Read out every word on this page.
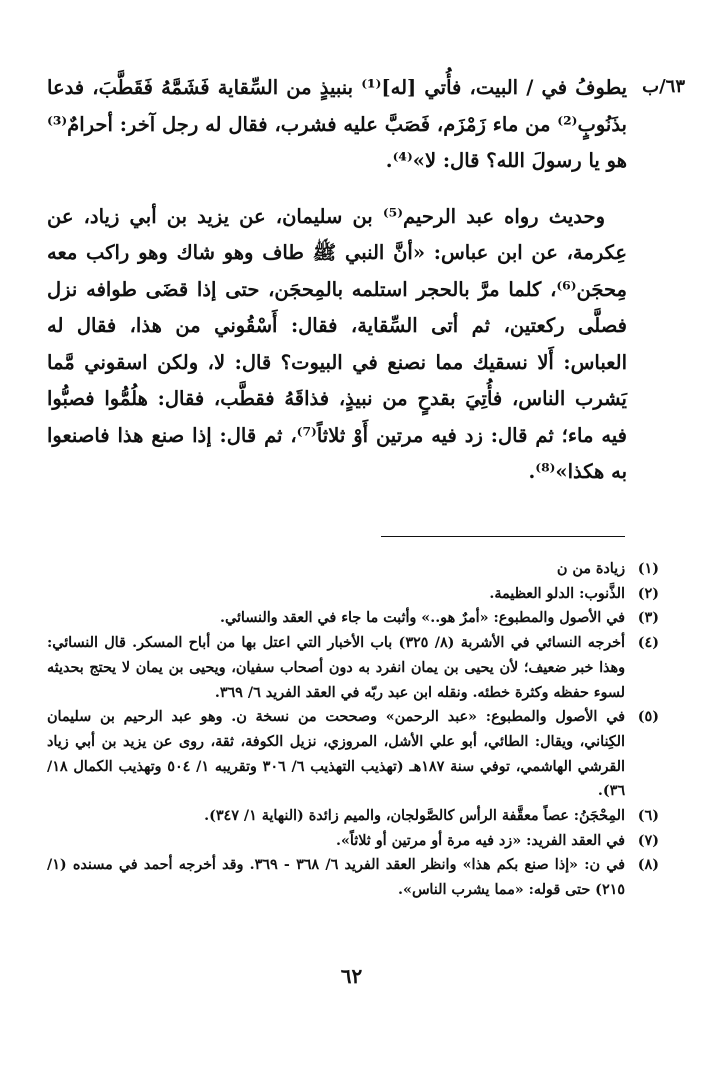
٦٣/ب

يطوفُ في / البيت، فأُتي [له]⁽¹⁾ بنبيذٍ من السِّقاية فَشَمَّهُ فَقَطَّبَ، فدعا بذَنُوبٍ⁽²⁾ من ماء زَمْزَم، فَصَبَّ عليه فشرب، فقال له رجل آخر: أحرامٌ⁽³⁾ هو يا رسولَ الله؟ قال: لا»⁽⁴⁾.

وحديث رواه عبد الرحيم⁽⁵⁾ بن سليمان، عن يزيد بن أبي زياد، عن عِكرمة، عن ابن عباس: «أنَّ النبي ﷺ طاف وهو شاك وهو راكب معه مِحجَن⁽⁶⁾، كلما مرَّ بالحجر استلمه بالمِحجَن، حتى إذا قضَى طوافه نزل فصلَّى ركعتين، ثم أتى السِّقاية، فقال: أَسْقُوني من هذا، فقال له العباس: أَلا نسقيك مما نصنع في البيوت؟ قال: لا، ولكن اسقوني مَّما يَشرب الناس، فأُتِيَ بقدحٍ من نبيذٍ، فذاقَهُ فقطَّب، فقال: هلُمُّوا فصبُّوا فيه ماء؛ ثم قال: زد فيه مرتين أَوْ ثلاثاً⁽⁷⁾، ثم قال: إذا صنع هذا فاصنعوا به هكذا»⁽⁸⁾.

(١)
زيادة من ن
(٢)
الذَّنوب: الدلو العظيمة.
(٣)
في الأصول والمطبوع: «أمرٌ هو..» وأثبت ما جاء في العقد والنسائي.
(٤)
أخرجه النسائي في الأشربة (٨/ ٣٢٥) باب الأخبار التي اعتل بها من أباح المسكر. قال النسائي: وهذا خبر ضعيف؛ لأن يحيى بن يمان انفرد به دون أصحاب سفيان، ويحيى بن يمان لا يحتج بحديثه لسوء حفظه وكثرة خطئه. ونقله ابن عبد ربّه في العقد الفريد ٦/ ٣٦٩.
(٥)
في الأصول والمطبوع: «عبد الرحمن» وصححت من نسخة ن. وهو عبد الرحيم بن سليمان الكِناني، ويقال: الطائي، أبو علي الأشل، المروزي، نزيل الكوفة، ثقة، روى عن يزيد بن أبي زياد القرشي الهاشمي، توفي سنة ١٨٧هـ (تهذيب التهذيب ٦/ ٣٠٦ وتقريبه ١/ ٥٠٤ وتهذيب الكمال ١٨/ ٣٦).
(٦)
المِحْجَنُ: عصاً معقَّفة الرأس كالصَّولجان، والميم زائدة (النهاية ١/ ٣٤٧).
(٧)
في العقد الفريد: «زد فيه مرة أو مرتين أو ثلاثاً».
(٨)
في ن: «إذا صنع بكم هذا» وانظر العقد الفريد ٦/ ٣٦٨ - ٣٦٩. وقد أخرجه أحمد في مسنده (١/ ٢١٥) حتى قوله: «مما يشرب الناس».
٦٢
